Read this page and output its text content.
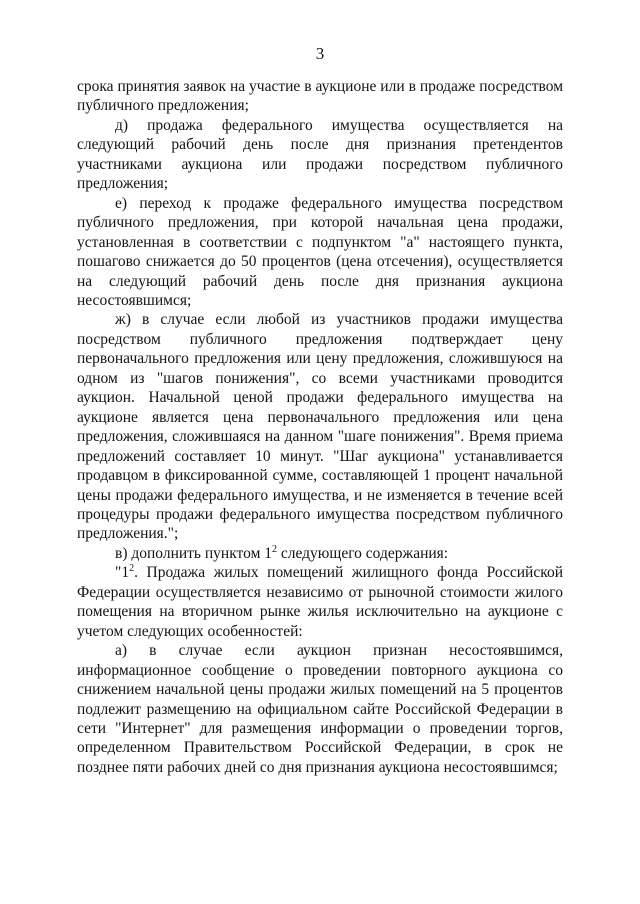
3

срока принятия заявок на участие в аукционе или в продаже посредством публичного предложения;

д) продажа федерального имущества осуществляется на следующий рабочий день после дня признания претендентов участниками аукциона или продажи посредством публичного предложения;

е) переход к продаже федерального имущества посредством публичного предложения, при которой начальная цена продажи, установленная в соответствии с подпунктом "а" настоящего пункта, пошагово снижается до 50 процентов (цена отсечения), осуществляется на следующий рабочий день после дня признания аукциона несостоявшимся;

ж) в случае если любой из участников продажи имущества посредством публичного предложения подтверждает цену первоначального предложения или цену предложения, сложившуюся на одном из "шагов понижения", со всеми участниками проводится аукцион. Начальной ценой продажи федерального имущества на аукционе является цена первоначального предложения или цена предложения, сложившаяся на данном "шаге понижения". Время приема предложений составляет 10 минут. "Шаг аукциона" устанавливается продавцом в фиксированной сумме, составляющей 1 процент начальной цены продажи федерального имущества, и не изменяется в течение всей процедуры продажи федерального имущества посредством публичного предложения.";

в) дополнить пунктом $1^2$ следующего содержания:

"$1^2$. Продажа жилых помещений жилищного фонда Российской Федерации осуществляется независимо от рыночной стоимости жилого помещения на вторичном рынке жилья исключительно на аукционе с учетом следующих особенностей:

а) в случае если аукцион признан несостоявшимся, информационное сообщение о проведении повторного аукциона со снижением начальной цены продажи жилых помещений на 5 процентов подлежит размещению на официальном сайте Российской Федерации в сети "Интернет" для размещения информации о проведении торгов, определенном Правительством Российской Федерации, в срок не позднее пяти рабочих дней со дня признания аукциона несостоявшимся;
